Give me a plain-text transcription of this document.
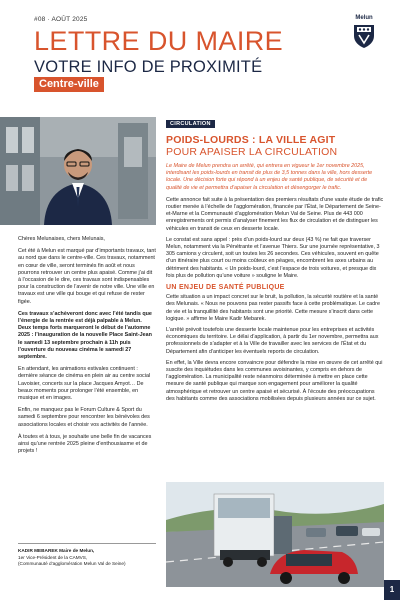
#08 · AOÛT 2025
LETTRE DU MAIRE
VOTRE INFO DE PROXIMITÉ
Centre-ville
Melun

Chères Melunaises, chers Melunais,

Cet été à Melun est marqué par d’importants travaux, tant au nord que dans le centre-ville. Ces travaux, notamment en cœur de ville, seront terminés fin août et nous pourrons retrouver un centre plus apaisé. Comme j’ai dit à l’occasion de le dire, ces travaux sont indispensables pour la construction de l’avenir de notre ville. Une ville en travaux est une ville qui bouge et qui refuse de rester figée.

Ces travaux s’achèveront donc avec l’été tandis que l’énergie de la rentrée est déjà palpable à Melun. Deux temps forts marqueront le début de l’automne 2025 : l’inauguration de la nouvelle Place Saint-Jean le samedi 13 septembre prochain à 11h puis l’ouverture du nouveau cinéma le samedi 27 septembre.

En attendant, les animations estivales continuent : dernière séance de cinéma en plein air au centre social Lavoisier, concerts sur la place Jacques Amyot… De beaux moments pour prolonger l’été ensemble, en musique et en images.

Enfin, ne manquez pas le Forum Culture & Sport du samedi 6 septembre pour rencontrer les bénévoles des associations locales et choisir vos activités de l’année.

À toutes et à tous, je souhaite une belle fin de vacances ainsi qu’une rentrée 2025 pleine d’enthousiasme et de projets !

KADIR MEBAREK Maire de Melun,
1er Vice-Président de la CAMVS,
(Communauté d’agglomération Melun Val de Seine)
CIRCULATION
POIDS-LOURDS : LA VILLE AGIT
POUR APAISER LA CIRCULATION
Le Maire de Melun prendra un arrêté, qui entrera en vigueur le 1er novembre 2025, interdisant les poids-lourds en transit de plus de 3,5 tonnes dans la ville, hors desserte locale. Une décision forte qui répond à un enjeu de santé publique, de sécurité et de qualité de vie et permettra d’apaiser la circulation et désengorger le trafic.

Cette annonce fait suite à la présentation des premiers résultats d’une vaste étude de trafic routier menée à l’échelle de l’agglomération, financée par l’État, le Département de Seine-et-Marne et la Communauté d’agglomération Melun Val de Seine. Plus de 443 000 enregistrements ont permis d’analyser finement les flux de circulation et de distinguer les véhicules en transit de ceux en desserte locale.

Le constat est sans appel : près d’un poids-lourd sur deux (43 %) ne fait que traverser Melun, notamment via la Pénétrante et l’avenue Thiers. Sur une journée représentative, 3 305 camions y circulent, soit un toutes les 26 secondes. Ces véhicules, souvent en quête d’un itinéraire plus court ou moins coûteux en péages, encombrent les axes urbains au détriment des habitants. « Un poids-lourd, c’est l’espace de trois voitures, et presque dix fois plus de pollution qu’une voiture » souligne le Maire.

UN ENJEU DE SANTÉ PUBLIQUE

Cette situation a un impact concret sur le bruit, la pollution, la sécurité routière et la santé des Melunais. « Nous ne pouvons pas rester passifs face à cette problématique. Le cadre de vie et la tranquillité des habitants sont une priorité. Cette mesure s’inscrit dans cette logique. » affirme le Maire Kadir Mebarek.

L’arrêté prévoit toutefois une desserte locale maintenue pour les entreprises et activités économiques du territoire. Le délai d’application, à partir du 1er novembre, permettra aux professionnels de s’adapter et à la Ville de travailler avec les services de l’État et du Département afin d’anticiper les éventuels reports de circulation.

En effet, la Ville devra encore convaincre pour défendre la mise en œuvre de cet arrêté qui suscite des inquiétudes dans les communes avoisinantes, y compris en dehors de l’agglomération. La municipalité reste néanmoins déterminée à mettre en place cette mesure de santé publique qui marque son engagement pour améliorer la qualité atmosphérique et retrouver un centre apaisé et sécurisé. À l’écoute des préoccupations des habitants comme des associations mobilisées depuis plusieurs années sur ce sujet.

1
